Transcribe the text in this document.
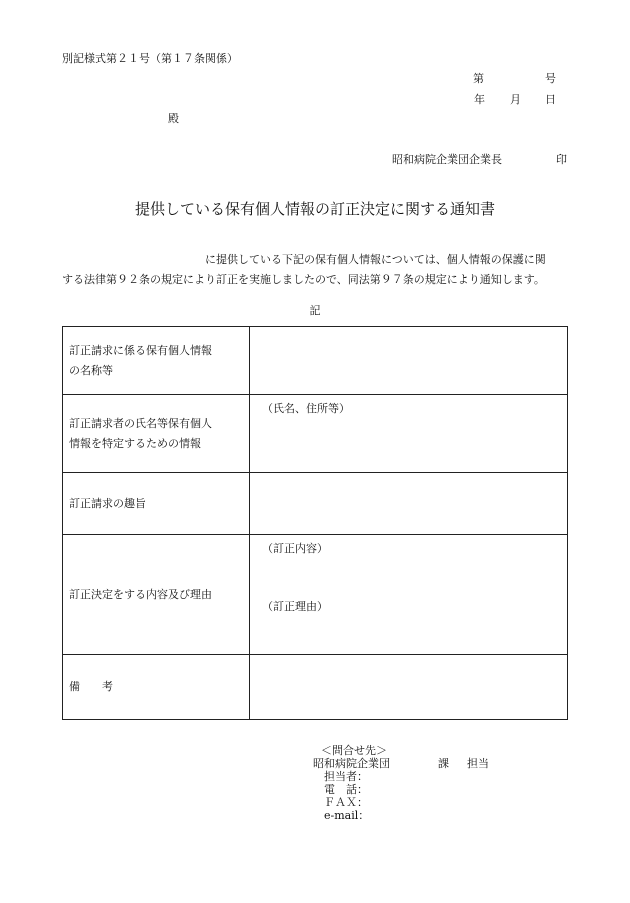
別記様式第２１号（第１７条関係）
第	号
年 月 日
殿
昭和病院企業団企業長	印
提供している保有個人情報の訂正決定に関する通知書
に提供している下記の保有個人情報については、個人情報の保護に関
する法律第９２条の規定により訂正を実施しましたので、同法第９７条の規定により通知します。
記
訂正請求に係る保有個人情報
の名称等	

訂正請求者の氏名等保有個人
情報を特定するための情報	（氏名、住所等）

訂正請求の趣旨	

訂正決定をする内容及び理由	（訂正内容）
（訂正理由）

備　　考	

＜問合せ先＞
昭和病院企業団	課 担当
担当者：
電　話：
ＦＡＸ：
e-mail：
